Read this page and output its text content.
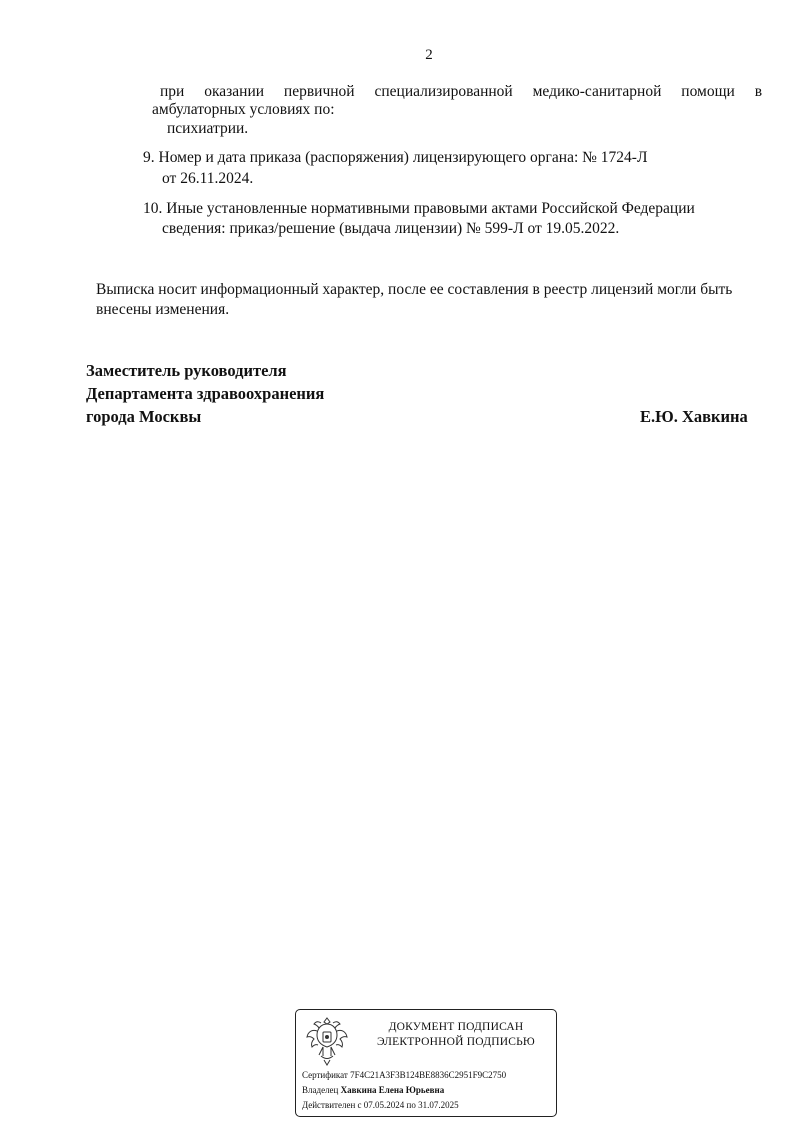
2
при оказании первичной специализированной медико-санитарной помощи в
амбулаторных условиях по:
психиатрии.
9. Номер и дата приказа (распоряжения) лицензирующего органа: № 1724-Л
от 26.11.2024.
10. Иные установленные нормативными правовыми актами Российской Федерации
сведения: приказ/решение (выдача лицензии) № 599-Л от 19.05.2022.
Выписка носит информационный характер, после ее составления в реестр лицензий могли быть
внесены изменения.
Заместитель руководителя
Департамента здравоохранения
города Москвы	Е.Ю. Хавкина
ДОКУМЕНТ ПОДПИСАН
ЭЛЕКТРОННОЙ ПОДПИСЬЮ
Сертификат 7F4C21A3F3B124BE8836C2951F9C2750
Владелец Хавкина Елена Юрьевна
Действителен с 07.05.2024 по 31.07.2025
